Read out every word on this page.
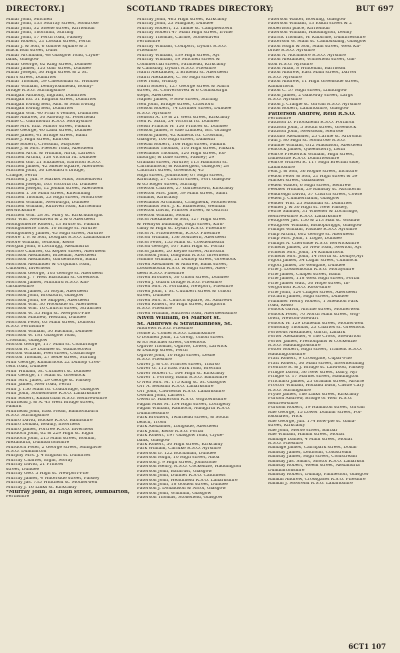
DIRECTORY.]	SCOTLAND TRADES DIRECTORY;	BUT 697
Millar John, Mitchell
Millar John, 133 Murray street, Montrose
Millar John, 32 Steele street, Kirriemuir
Millar John, Thornhill, Stirling
Millar John, 17 Perth road, Paisley
Millar Robert, 21 Lossail street, Perth
Millar J. & Son, 6 Gallow square & 3
Black Bull street, Duns
Millar Archibald, 48 Glasgow road, Clyde-
bank, Glasgow
Millar George, 62 King street, Dundee
Millar James, 153 Gair street, Dundee
Millar Joseph, 36 High street & 2 St.
Ann's street, Dumfries
Millar Thomas, 59 Caledonian st. Wishaw
Millar William, Dennyloanhead, Bonny-
bridge R.S.O. Stirlingshire
Milligan Anthony, Ingram, Dumfries
Milligan Ed. 31 English street, Dumfries
Milligan Ewing Bell, Ann. & Mull Ewing
Milligan Ewing Bell, Dumfries
Milligan Wm. 40 Friar's vennel, Dumfries
Milne Andrew, 30 Alloway st. Peterhead
Milne C. Gairmouth R.S.O. Morayshire
Milne Mrs. Eliz. Manor street, Falkirk
Milne George, 40 Land street, Dundee
Milne James, 41 Bridge street, Banff
Milne J. High street, Kinross
Milne Robert, Crosshill, Maybole
Milne J. & Mrs. Fleeter road, Aberdeen
Mitchell Arch. & William, Airth, Larbert
Mitchell Arthur, 158 Victoria rd. Dundee
Mitchell Gib. 21 Elizabeth, Earlston R.S.O.
Mitchell James, 42 Skene square, Aberdeen
Mitchell John, 36 Leonard's bridge,
Craigie, Perth
Mitchell J. Jun. 9 Market Mids, Stonehaven
Mitchell Joseph, 163 Victoria rd. Dundee
Mitchell Joseph, 12 Jenkin street, Aberdeen
Mitchell T. 38 Main street, Kilwinning
Mitchell Thomas, 23 High street, Montrose
Mitchell William, Newburgh, Dundee
Mitchell William, Ruthven road, Kirriemuir
Berwickshire
Mitchell Wm. 28 St. Mary st. Kirkcudbright
Moir Wm. Newhaven & 2 & 6 Aberdeen
Montgomerie Robert, 13 Bruce st. Falkirk
Montgomerie Thos. 10 Bridge st. Airdrie
Montgomery James, 45 High street, Airdrie
Moore T. F. & Son, Douglas R.S.O. Lanarkshire
Moore William, Yetholm, Kelso
Morgan John, 8 Lochrigg, Alexandria
Morrice Charles, 62 Kepler street, Aberdeen
Morrison Alexander, Braemar, Aberdeen
Morrison Alexander, Gardenstown, Banff
Morrison Alexander & Urquhart road,
Culloden, Inverness
Morrison George, 103 George st. Aberdeen
Morrison J. 7 West Blackhall st. Greenock
Morrison James, Millthird R.S.O. Kin-
cardineshire
Morrison James, 51 Royal, Aberdeen
Morrison John, Broxburn, Glasgow
Morrison John, 69 Skipper, Aberdeen
Morrison Wm. 30 Woodside st. Aberdeen
Morrison Wm. 16 Church street, Stranraer
Morrison W. 35 High st. Newport-Fife
Morrison Mathew, Westhill, Dundee
Morrison Peter, 63 Main street, Dunoon
R.S.O. Perthshire
Morrison William, 30 Backhill, Dundee
Morrison W. 181 Glasgow road,
Crosshill, Glasgow
Morton George, 117 Main st. Coatbridge
Morton H. 29 Dundee st. Wallacetown
Morton William, Peel street, Coatbridge
Morton Thomas, 27 Bebe street, Stirling
Muir George, Kilmarnock 22 Dunlop Cres-
cent road, Dundee
Muir William, St. Cuthbert st. Dundee
Muir George, 17 Main st. Greenock
Muir Mrs. Janet, 29 George st. Paisley
Muir James, New road, Perth
Muir J. 156 Main rd. Coatbridge, Glasgow
Muir John, Stonehouse R.S.O. Lanarkshire
Muir Robert, Kilbarchan R.S.O. Renfrewshire
Muirhead J. & A. 43 West Bridge street,
Falkirk
Muirhead John, East Plean, Bannockburn
R.S.O. Stirlingshire
Munro David, Buckie R.S.O. Banffshire
Munro Donald, Beauly, Inverness
Munro James, Portree R.S.O. Inverness
Murdoch John, 62 & 229 High st. Elgin
Murdoch John, 215 Main street, Bonhill,
Alexandria, Dumbartonshire
Murdoch Peter, 2 George street, Milngavie
R.S.O. Dumbarton
Murphy Mrs. J. 4 English st. Dumfries
Murray Charles, Elgin, Moray
Murray David, 21 Princes
street, Dundee
Murray Geo. 5 High st. Newport-Fife
Murray James, 4 Waterside street, Paisley
Murray Jas. 735 Whitfield st. Motherwell
Murray J. 16 Links st. Kirkcaldy
*Murray John, 81 High street, Dumbarton,
Perthshire
Murray John, 465 High street, Kirkcaldy
Murray John, 23 Millgate, Dundee
Murray Robert, 12 Tamie st. Campbeltown
Murray Robert 47 Main High street, Irvine
Murray Thomas, Carnie, Stonehaven
Perthshire
Murray William, Coulport, Dysart R.S.O.
Fifeshire
Murray William, 139 High street, Ayr
Murray William, 19 Mitchell street &
Commercial street, Pathhead, Kirkcaldy
& Canisbay, Dysart R.S.O. Fifeshire
Nairn Alexander, 2 Bridend st. Aberdeen
Nairn Alexander, C. 80 High street &
New road, Whitby
Nairn Robert, 127 George street & Nairn
street, St. Conversoved & 6 Colinsburgh
steps, Aberdeen
Napier James, 9 Row street, Stirling
Neil John, Bridge street, Crawford
Nelson Robert, 74 Lorimer street, Dundee
R.S.O. Ayrshire
Neilson A. 19 & 21 West street, Kirkcaldy
Neil R. Sixth, 24 Victoria rd. Dundee
Neish Francis W. 150 Princes st. Dundee
Nelson James, 8 Vale Limited, Bri. Grange
Nelson James, 42 Kilneck rd. Crosshill,
Glasgow, 100 High street, Dalkeith
Newall Robert, 108 High street, Falkirk
Newlands Thomas, 110 High street, Falkirk
Newlands Thomas, 120 High street, Ed-
inburgh; & Dale street, Paisley; 29
Graham street, Airdrie; 113 Hamilton st.
Carmunnock; & Rutherglen, Glasgow; 28
Cathcart street, Greenock; 45
High street, Johnstone; 67 High street,
Kirkcaldy, 27 Church street, Port Glasgow
& 65 Roger street, Stirling
Newton Charles, 27 Garliestown, Kirkcaldy
Newton Mrs. Jane, 39 Main street, Saint
Ninians, Kirkcaldy
Newlands Archibald, Craigneuk, Motherwell
Newlands Mrs. J. K. Blanefield, Wellhall
Newton David, Princes Street, & Ostrich
Newton William, Moffat
Nicol Alexander & Son, 127 High street
& Wemyss buildings, High street, Kirk-
caldy & High st. Dysart R.S.O. Fifeshire
Nicol A. Pittenweem, R.S.O. Fifeshire
Nicoll William, 136 Southern, Aberdeen
Nicol Peter, 155 Main st. Cowdenbeath
Nicoll George, 107 East High st. Forfar
Nicol James, 20 Keyne street, Arbroath
Nicolson John, Dingwall R.S.O. Inverness
Nimmo William, 21 Dunlop street, Greenock
Niven Alexander & Andrew, Bank street,
Lossiemouth R.S.O. & High street, Aber-
deen R.S.O. Fifeshire
Niven Brothers, 30 Union street, Dundee
Niven J. Guard bridge R.S.O. Fifeshire
Niven Mrs. A. Portland, Newport, Fifeshire
Niven John, 1 St. Cuthbert street & Union
street, Dundee
Niven Mrs. E. Church square, St. Andrews
Niven Robert, 80 High street, Kinghorn
R.S.O. Fifeshire
Niven William, Ruthven road, Aberdeenshire
Niven William, 84 Market st.
St. Andrews & Strathkinness, St.
Andrews R.S.O. Fifeshire
Noble Z. Colnel R.S.O. Lanarkshire
O'Donnell John, 12 Greig, Union street
& 83 Michael street, Greenock
Ogilvie Thomas, Ogilvie, Lower, Larwick
& Dunlop street, Perth
Ogilvie John, 10 High street, Leslie
R.S.O. Fifeshire
Oliver J. & Co. Princes street, Thurso
Oliver G. 115 East Park road, Brechin
Oliver Robert C. 164 High st. Kirkcaldy
Oliver T. Portsoy, Banff R.S.O. Banffshire
O'Neil Mrs. M. 175 King st. St. Glasgow
Orr A. Bellshill R.S.O. Lanarkshire
Orr John, Cawtessis R.S.O. Lanarkshire
Oswald John, Larbert
Owen D. Halferson R.S.O. Wigtownshire
Pagan Miss M. 134 High street, Lochgelly
Pagan William, Rannoch, Auldgirth R.S.O.
Dumfriesshire
Park Brothers, Twarhead street, & South
beach, Troon
Park Alexander, Longside, Aberdeen
Park John, Kelso R.S.O. Forfar
Park Robert, 197 Glasgow road, Clyde-
bank, Glasgow
Park Robert, 50 High street, Kirkcaldy
Park William, Carluke R.S.O. Ayrshire
Paterson D. 122 Buchanan, Dundee
Paterson Hugh, 10 High street, Alloa
Paterson J. 9 High street, Johnstone
Paterson Henry, R.S.O. Cockenzie, Haddington
Paterson John, Bathrust, Glasgow
Paterson John, Dunnet R.S.O. Caithness
Paterson John, Heathfield R.S.O. Lanarkshire
Paterson John, 18 Golden street, Dundee
Paterson J. Donaldson & Nicol, Glasgow
Paterson John, Whinhill, Glasgow
Paterson Thomas, Stonefield, Glasgow
Paterson Walter, Bowling, Glasgow
Paterson William, 13 Eskin street & 2
Robertson place, Kirriemuir
Paterson William, Haddington, Denny
Patrick Thomas, W. Kilbirnie, Dumfriesshire
Patterson W. Main st. Cambuslang, Glasgow
Paton Hugh & Son, Main street, West Kil-
bride R.S.O. Ayrshire
Paton A. Auchmore R.S.O. Ayrshire
Paton Alexander, Whitefield street, Gal-
ston R.S.O. Ayrshire
Paton Allan, 8 Whitehall, Barrhead
Paton Andrew, East Main street, Darvel
R.S.O. Ayrshire
Paton Andrew, 11 High Greenside street,
Kilmarnock
Paton C. 57 High street, Linlithgow
Paton James, 2 Galloway street, Largs
R.S.O. Ayrshire
Paton J. Craigie st. Girvan R.S.O. Ayrshire
Paton Robert, Lanarkshire, Glasgow
Patterson Andrew, Reid R.S.O.
Perthshire
Pattison D. Friockheim R.S.O. Forfarsh
Pattison John, 5 South street, Greenock
Pattison John, Newstead, Melrose
Pattullo Alexander, 25 Carnie st. Arbroath
Paul J. 80 High st. Montrose R.S.O.
Pauline William, G12 Maddison, Aberdeen
Peacock James, Queensferry, Leith
Pearce Frederick William, High street,
Dalbeattie R.S.O. Dumfriesshire
Pearce Wilfred R. 117 High Brechin side,
Lanarkshire
Peat J. & Son, 36 Rogue street, Inchture
Pedon Peter & Son, 21 High street & 59
Market street, Galashiels
Peden Walter, 6 High street, Renfrew
Peebles William, 29 Ramsay st. Auchterm
Pendreigh David, 37 Church street, Cowie
Peden J. Cumbernauld, Glasgow
Pender Wm. 25 Maidhall st. Dumfries
Pennel J. & 30 High st. New Paisley,
Petrie Samuel, 31 Wheeler & Lochridge,
Renfrewshire R.S.O. Lanarkshire
Pettigrew Jas. 150 & 213 Hall st. Wishaw
Pettigrew William, Bishopbriggs, Glasgow
Phillips William, Fauldie R.S.O. Ayrshire
Philp Arthur, 602 George st. Aberdeen
Philp Mrs. John, 1 Logie, Dundee
Phillips A. Cheroade R.S.O. Berwickshire
Pickens James, 20 New road, Newton, Ayr
Pickens Mrs. John, 14 Kilmarnock
Pickens Mrs. John, 14 North st. Doulye,Ayr
Pigott James, 34 Lugar street, Cumnock
Pigott James, 50 Wellgate, Dundee
Pirie J. Lossiemouth R.S.O. Morayshire
Pirie James, Chapel street, Banff
Pirie James, 118 West High street, Forfar
Pirie James Watt, 30 Hope street, In-
vergordon R.S.O. Ross-shire
Pirie John, 124 Chapel street, Aberdeen
Pitcairn James, High street, Dundee
Plummer Henry Robert, 1 Sheddon Park
road, Kelso
Pollock Gavin, Aitchie street, Motherwell
Pollock Peter, 70 North Main street, Wig-
town, Newton-Stewart
Pollock W. 129 Dunedin street, Motherwell
Ponsonby Thomas, 23 Charles st. Greenock
Porteous Alexander, Garth, Lanark
Porter Alexander, 4 The Cross, Stewarton
Porter James, Prestonpans & Cockenzie
R.S.O. Haddingtonshire
Potter Robert, High street, Tranent R.S.O.
Haddingtonshire
Pratt Robert, 9 Crossgate, Cupar-Fife
Pratt Robert, 36 Main street, Inverkeithing
Prentice R. & J. Bridge st. Linwood, Paisley
Pringle David, 36 New street, Dalry, Ayr
Pringle G. 17 Market street, Haddington
Pritchard James, 25 Graham street, Airdrie
Proctor William, Holland bush, Castle Cary
R.S.O. Stirlingshire
Pryde James, The Links street, Kirkcaldy
Purdon Andrew, Bridge of Weir R.S.O.
Renfrewshire
Purdom Robert, 19 Hamilton street, Girvan
Rae George, 15 Lower Dunbar street, Pol-
lokshaws, Wick
Rae George, jun. 174 Bow-ple st. Galla-
street, Kirkcaldy
Rae John, Merse street, Barbar
Rae William, Hamm street, Moffat
Ramage Daniel, 4 Main street, Moffat
R.S.O. Fifeshire
Ramage James, Cairnpark street, Dollar
Ramsay James, Leitholm, Coldstream
Ramsay James, High street, Coldstream
Ramsay Jas. Smart, Shotts R.S.O. Lanarksh
Ramsay Robert, Weem street, Alexandria
Dumbartonshire
Ramsay Robert, Dunlap, Paillieston, Glasgow
Rankin Andrew, Crossgates R.S.O. Fifeshire
Rankin J. Moorend R.S.O. Lanarkshire
6CT1 107
